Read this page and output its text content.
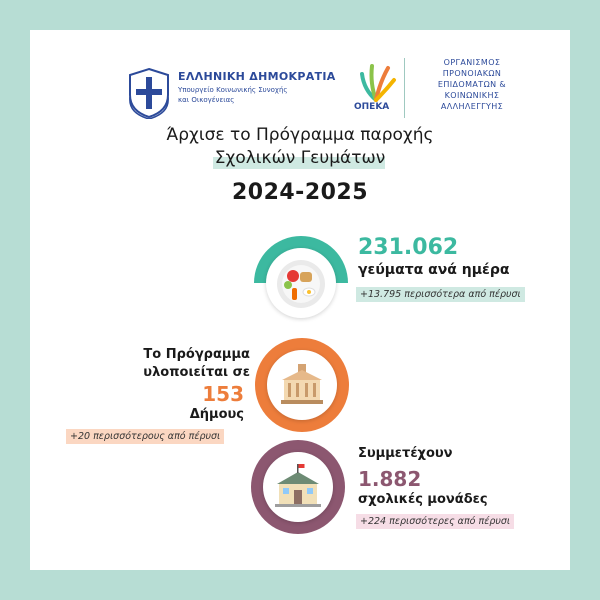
ΕΛΛΗΝΙΚΗ ΔΗΜΟΚΡΑΤΙΑ
Υπουργείο Κοινωνικής Συνοχής
και Οικογένειας
ΟΠΕΚΑ
ΟΡΓΑΝΙΣΜΟΣ
ΠΡΟΝΟΙΑΚΩΝ
ΕΠΙΔΟΜΑΤΩΝ &
ΚΟΙΝΩΝΙΚΗΣ
ΑΛΛΗΛΕΓΓΥΗΣ
Άρχισε το Πρόγραμμα παροχής
Σχολικών Γευμάτων
2024-2025
231.062
γεύματα ανά ημέρα
+13.795 περισσότερα από πέρυσι
Το Πρόγραμμα
υλοποιείται σε
153
Δήμους
+20 περισσότερους από πέρυσι
Συμμετέχουν
1.882
σχολικές μονάδες
+224 περισσότερες από πέρυσι
